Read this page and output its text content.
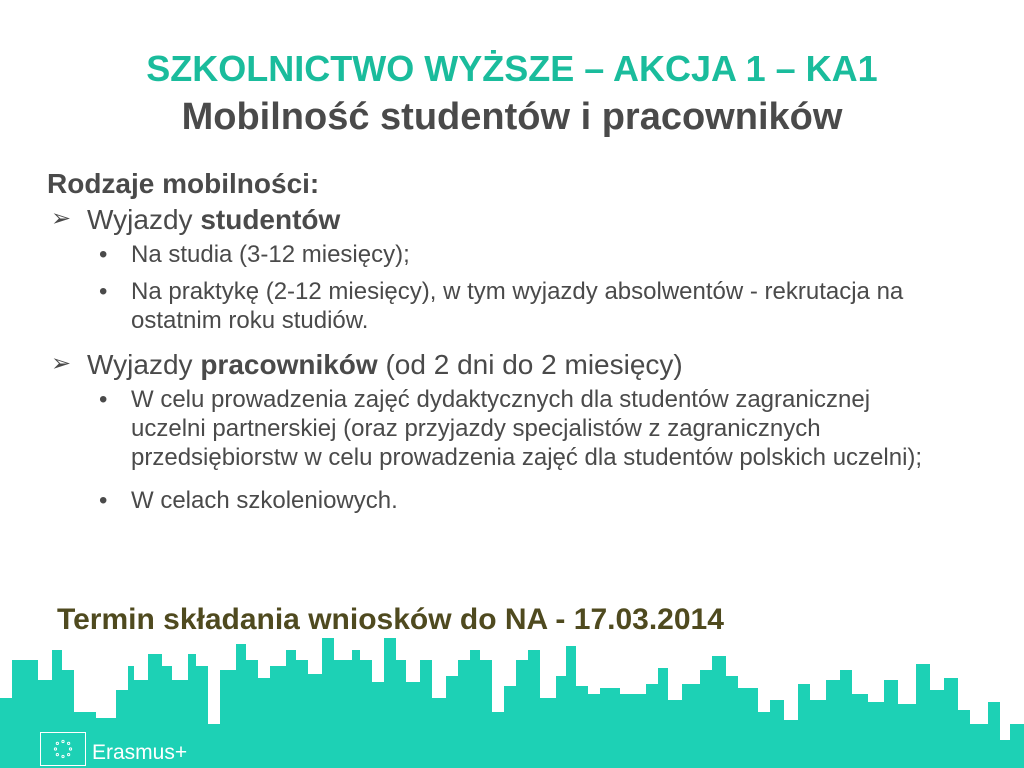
SZKOLNICTWO WYŻSZE – AKCJA 1 – KA1
Mobilność studentów i pracowników
Rodzaje mobilności:
➢ Wyjazdy studentów
• Na studia (3-12 miesięcy);
• Na praktykę (2-12 miesięcy), w tym wyjazdy absolwentów - rekrutacja na ostatnim roku studiów.
➢ Wyjazdy pracowników (od 2 dni do 2 miesięcy)
• W celu prowadzenia zajęć dydaktycznych dla studentów zagranicznej uczelni partnerskiej (oraz przyjazdy specjalistów z zagranicznych przedsiębiorstw w celu prowadzenia zajęć dla studentów polskich uczelni);
• W celach szkoleniowych.
Termin składania wniosków do NA - 17.03.2014
Erasmus+
